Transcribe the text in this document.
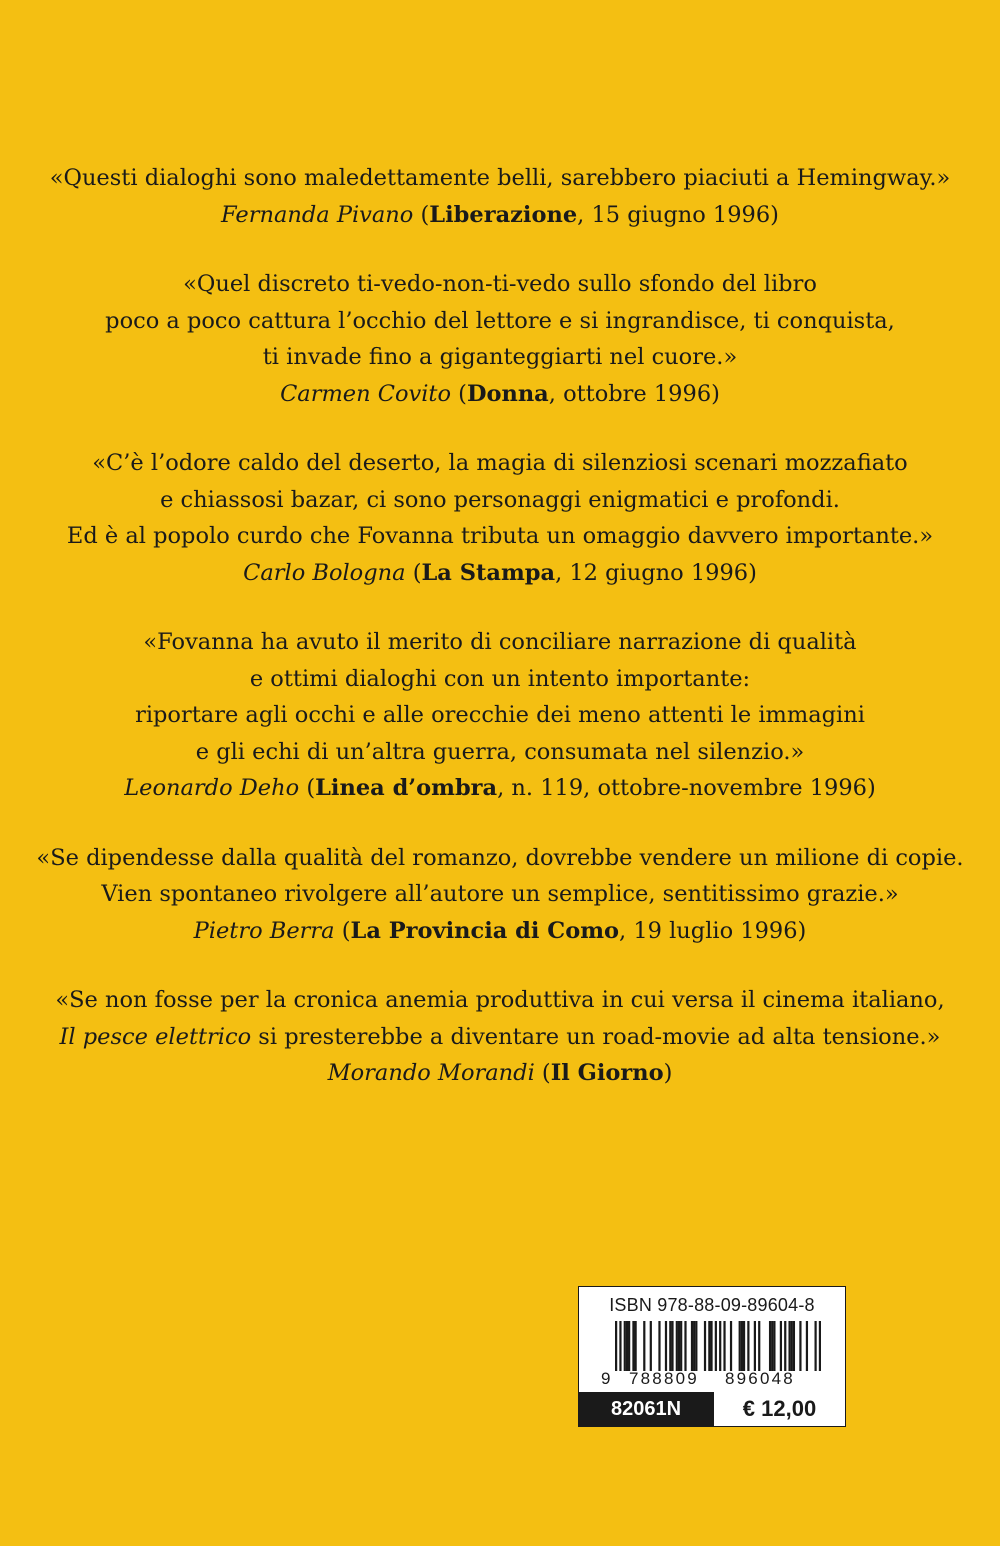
«Questi dialoghi sono maledettamente belli, sarebbero piaciuti a Hemingway.»
Fernanda Pivano (Liberazione, 15 giugno 1996)
«Quel discreto ti-vedo-non-ti-vedo sullo sfondo del libro
poco a poco cattura l’occhio del lettore e si ingrandisce, ti conquista,
ti invade fino a giganteggiarti nel cuore.»
Carmen Covito (Donna, ottobre 1996)
«C’è l’odore caldo del deserto, la magia di silenziosi scenari mozzafiato
e chiassosi bazar, ci sono personaggi enigmatici e profondi.
Ed è al popolo curdo che Fovanna tributa un omaggio davvero importante.»
Carlo Bologna (La Stampa, 12 giugno 1996)
«Fovanna ha avuto il merito di conciliare narrazione di qualità
e ottimi dialoghi con un intento importante:
riportare agli occhi e alle orecchie dei meno attenti le immagini
e gli echi di un’altra guerra, consumata nel silenzio.»
Leonardo Deho (Linea d’ombra, n. 119, ottobre-novembre 1996)
«Se dipendesse dalla qualità del romanzo, dovrebbe vendere un milione di copie.
Vien spontaneo rivolgere all’autore un semplice, sentitissimo grazie.»
Pietro Berra (La Provincia di Como, 19 luglio 1996)
«Se non fosse per la cronica anemia produttiva in cui versa il cinema italiano,
Il pesce elettrico si presterebbe a diventare un road-movie ad alta tensione.»
Morando Morandi (Il Giorno)
ISBN 978-88-09-89604-8
9 788809 896048
82061N	€ 12,00
